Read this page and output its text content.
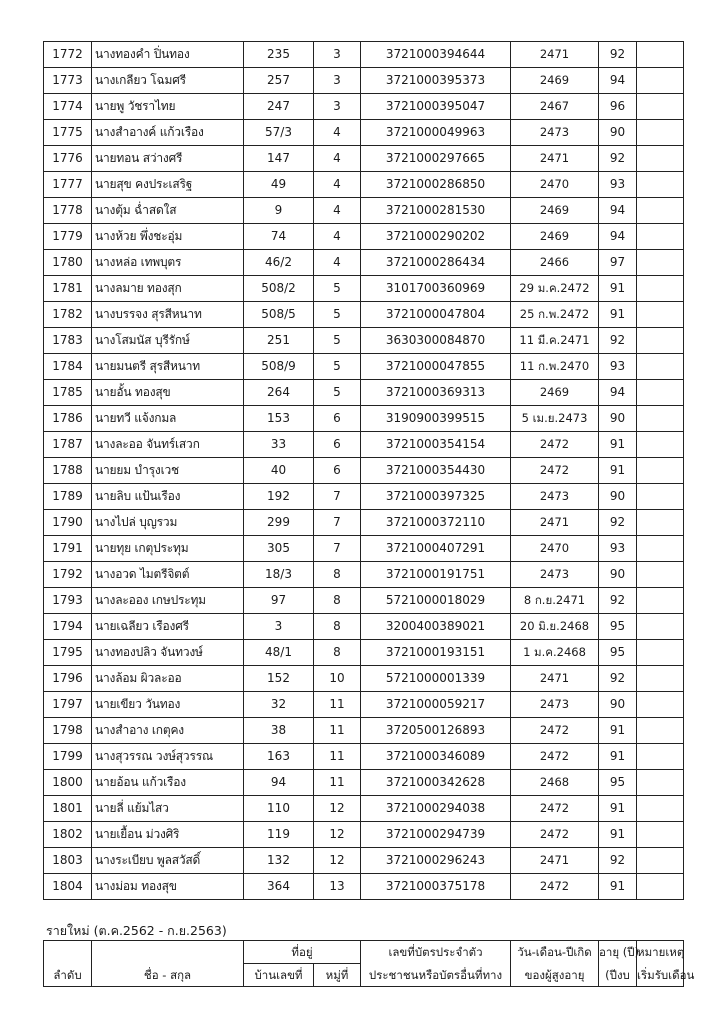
1772	นางทองคำ ปิ่นทอง	235	3	3721000394644	2471	92	
1773	นางเกลียว โฉมศรี	257	3	3721000395373	2469	94	
1774	นายพู วัชราไทย	247	3	3721000395047	2467	96	
1775	นางสำอางค์ แก้วเรือง	57/3	4	3721000049963	2473	90	
1776	นายทอน สว่างศรี	147	4	3721000297665	2471	92	
1777	นายสุข คงประเสริฐ	49	4	3721000286850	2470	93	
1778	นางตุ้ม ฉ่ำสดใส	9	4	3721000281530	2469	94	
1779	นางห้วย พึ่งชะอุ่ม	74	4	3721000290202	2469	94	
1780	นางหล่อ เทพบุตร	46/2	4	3721000286434	2466	97	
1781	นางลมาย ทองสุก	508/2	5	3101700360969	29 ม.ค.2472	91	
1782	นางบรรจง สุรสีหนาท	508/5	5	3721000047804	25 ก.พ.2472	91	
1783	นางโสมนัส บุรีรักษ์	251	5	3630300084870	11 มี.ค.2471	92	
1784	นายมนตรี สุรสีหนาท	508/9	5	3721000047855	11 ก.พ.2470	93	
1785	นายอั้น ทองสุข	264	5	3721000369313	2469	94	
1786	นายทวี แจ้งกมล	153	6	3190900399515	5 เม.ย.2473	90	
1787	นางละออ จันทร์เสวก	33	6	3721000354154	2472	91	
1788	นายยม บำรุงเวช	40	6	3721000354430	2472	91	
1789	นายลิบ แป้นเรือง	192	7	3721000397325	2473	90	
1790	นางไปล่ บุญรวม	299	7	3721000372110	2471	92	
1791	นายทุย เกตุประทุม	305	7	3721000407291	2470	93	
1792	นางอวด ไมตรีจิตต์	18/3	8	3721000191751	2473	90	
1793	นางละออง เกษประทุม	97	8	5721000018029	8 ก.ย.2471	92	
1794	นายเฉลียว เรืองศรี	3	8	3200400389021	20 มิ.ย.2468	95	
1795	นางทองปลิว จันทวงษ์	48/1	8	3721000193151	1 ม.ค.2468	95	
1796	นางล้อม ผิวละออ	152	10	5721000001339	2471	92	
1797	นายเขียว วันทอง	32	11	3721000059217	2473	90	
1798	นางสำอาง เกตุคง	38	11	3720500126893	2472	91	
1799	นางสุวรรณ วงษ์สุวรรณ	163	11	3721000346089	2472	91	
1800	นายอ้อน แก้วเรือง	94	11	3721000342628	2468	95	
1801	นายลี่ แย้มไสว	110	12	3721000294038	2472	91	
1802	นายเยื้อน ม่วงศิริ	119	12	3721000294739	2472	91	
1803	นางระเบียบ พูลสวัสดิ์	132	12	3721000296243	2471	92	
1804	นางม่อม ทองสุข	364	13	3721000375178	2472	91	
รายใหม่ (ต.ค.2562 - ก.ย.2563)
		ที่อยู่		เลขที่บัตรประจำตัว	วัน-เดือน-ปีเกิด	อายุ (ปี)	หมายเหตุ
ลำดับ	ชื่อ - สกุล	บ้านเลขที่	หมู่ที่	ประชาชนหรือบัตรอื่นที่ทาง	ของผู้สูงอายุ	(ปีงบ	เริ่มรับเดือน
